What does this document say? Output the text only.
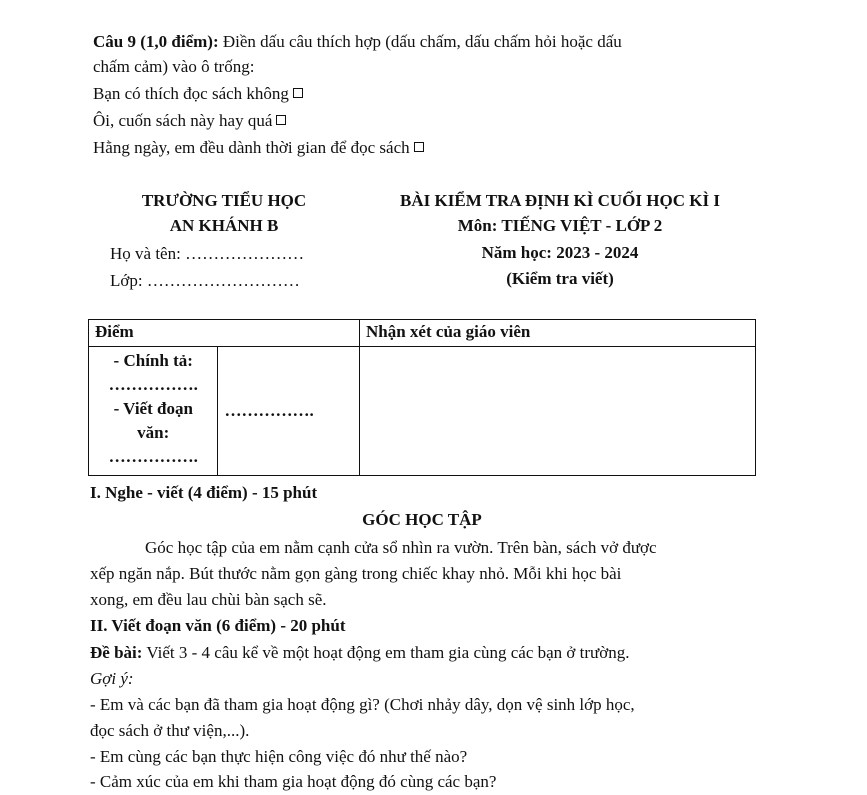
Câu 9 (1,0 điểm): Điền dấu câu thích hợp (dấu chấm, dấu chấm hỏi hoặc dấu
chấm cảm) vào ô trống:
Bạn có thích đọc sách không
Ôi, cuốn sách này hay quá
Hằng ngày, em đều dành thời gian để đọc sách
TRƯỜNG TIỂU HỌC
AN KHÁNH B
Họ và tên: …………………
Lớp: ………………………
BÀI KIỂM TRA ĐỊNH KÌ CUỐI HỌC KÌ I
Môn: TIẾNG VIỆT - LỚP 2
Năm học: 2023 - 2024
(Kiểm tra viết)
Điểm		Nhận xét của giáo viên

- Chính tả:
…………….
- Viết đoạn
văn:
…………….	…………….	
I. Nghe - viết (4 điểm) - 15 phút
GÓC HỌC TẬP
Góc học tập của em nằm cạnh cửa sổ nhìn ra vườn. Trên bàn, sách vở được
xếp ngăn nắp. Bút thước nằm gọn gàng trong chiếc khay nhỏ. Mỗi khi học bài
xong, em đều lau chùi bàn sạch sẽ.
II. Viết đoạn văn (6 điểm) - 20 phút
Đề bài: Viết 3 - 4 câu kể về một hoạt động em tham gia cùng các bạn ở trường.
Gợi ý:
- Em và các bạn đã tham gia hoạt động gì? (Chơi nhảy dây, dọn vệ sinh lớp học,
đọc sách ở thư viện,...).
- Em cùng các bạn thực hiện công việc đó như thế nào?
- Cảm xúc của em khi tham gia hoạt động đó cùng các bạn?
